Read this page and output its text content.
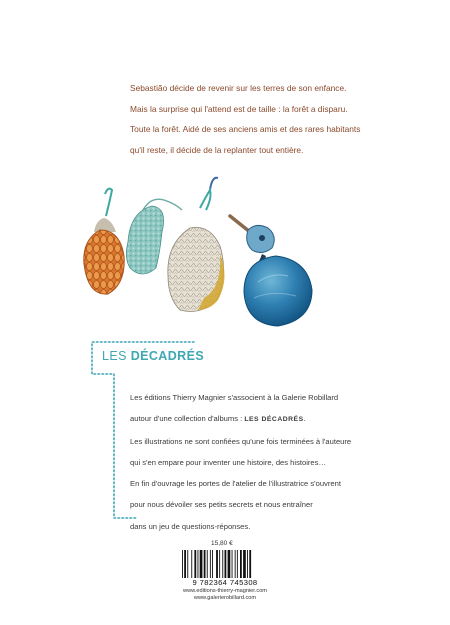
Sebastião décide de revenir sur les terres de son enfance.

Mais la surprise qui l'attend est de taille : la forêt a disparu.

Toute la forêt. Aidé de ses anciens amis et des rares habitants

qu'il reste, il décide de la replanter tout entière.

LES DÉCADRÉS

Les éditions Thierry Magnier s'associent à la Galerie Robillard

autour d'une collection d'albums : LES DÉCADRÉS.

Les illustrations ne sont confiées qu'une fois terminées à l'auteure

qui s'en empare pour inventer une histoire, des histoires…

En fin d'ouvrage les portes de l'atelier de l'illustratrice s'ouvrent

pour nous dévoiler ses petits secrets et nous entraîner

dans un jeu de questions-réponses.

15,80 €
9 782364 745308
www.editions-thierry-magnier.com
www.galerierobillard.com
